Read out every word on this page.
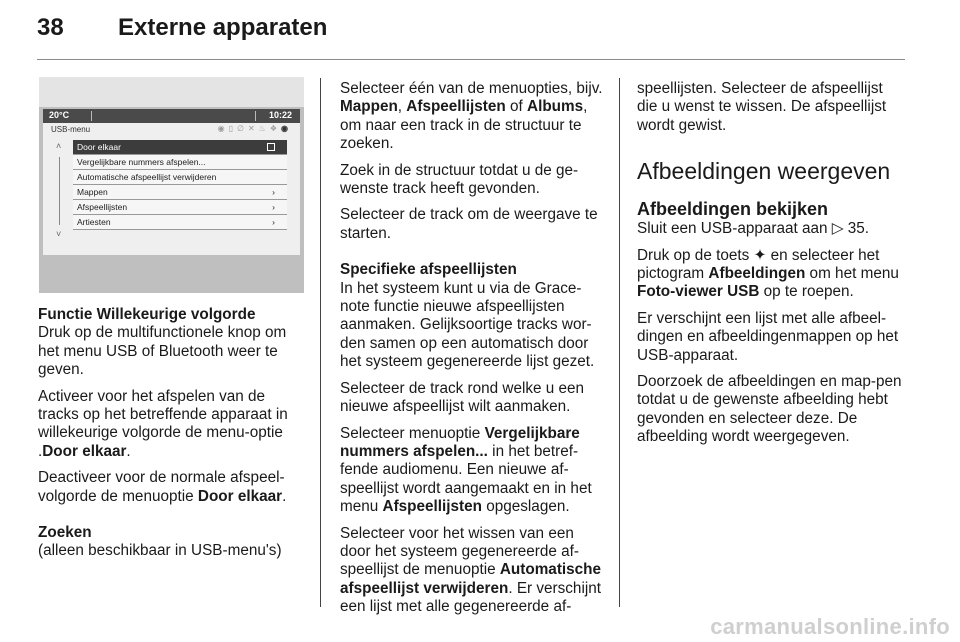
38 Externe apparaten
20°C	10:22
USB-menu	◉▯∅✕♨❖◉
˄
˅
Door elkaar
Vergelijkbare nummers afspelen...
Automatische afspeellijst verwijderen
Mappen	›
Afspeellijsten	›
Artiesten	›

Functie Willekeurige volgorde

Druk op de multifunctionele knop om het menu USB of Bluetooth weer te geven.

Activeer voor het afspelen van de tracks op het betreffende apparaat in willekeurige volgorde de menu-optie .Door elkaar.

Deactiveer voor de normale afspeel-volgorde de menuoptie Door elkaar.

Zoeken

(alleen beschikbaar in USB-menu's)

Selecteer één van de menuopties, bijv. Mappen, Afspeellijsten of Albums, om naar een track in de structuur te zoeken.

Zoek in de structuur totdat u de ge-wenste track heeft gevonden.

Selecteer de track om de weergave te starten.

Specifieke afspeellijsten

In het systeem kunt u via de Grace-note functie nieuwe afspeellijsten aanmaken. Gelijksoortige tracks wor-den samen op een automatisch door het systeem gegenereerde lijst gezet.

Selecteer de track rond welke u een nieuwe afspeellijst wilt aanmaken.

Selecteer menuoptie Vergelijkbare nummers afspelen... in het betref-fende audiomenu. Een nieuwe af-speellijst wordt aangemaakt en in het menu Afspeellijsten opgeslagen.

Selecteer voor het wissen van een door het systeem gegenereerde af-speellijst de menuoptie Automatische afspeellijst verwijderen. Er verschijnt een lijst met alle gegenereerde af-

speellijsten. Selecteer de afspeellijst die u wenst te wissen. De afspeellijst wordt gewist.

Afbeeldingen weergeven

Afbeeldingen bekijken

Sluit een USB-apparaat aan ▷ 35.

Druk op de toets ✦ en selecteer het pictogram Afbeeldingen om het menu Foto-viewer USB op te roepen.

Er verschijnt een lijst met alle afbeel-dingen en afbeeldingenmappen op het USB-apparaat.

Doorzoek de afbeeldingen en map-pen totdat u de gewenste afbeelding hebt gevonden en selecteer deze. De afbeelding wordt weergegeven.

carmanualsonline.info
